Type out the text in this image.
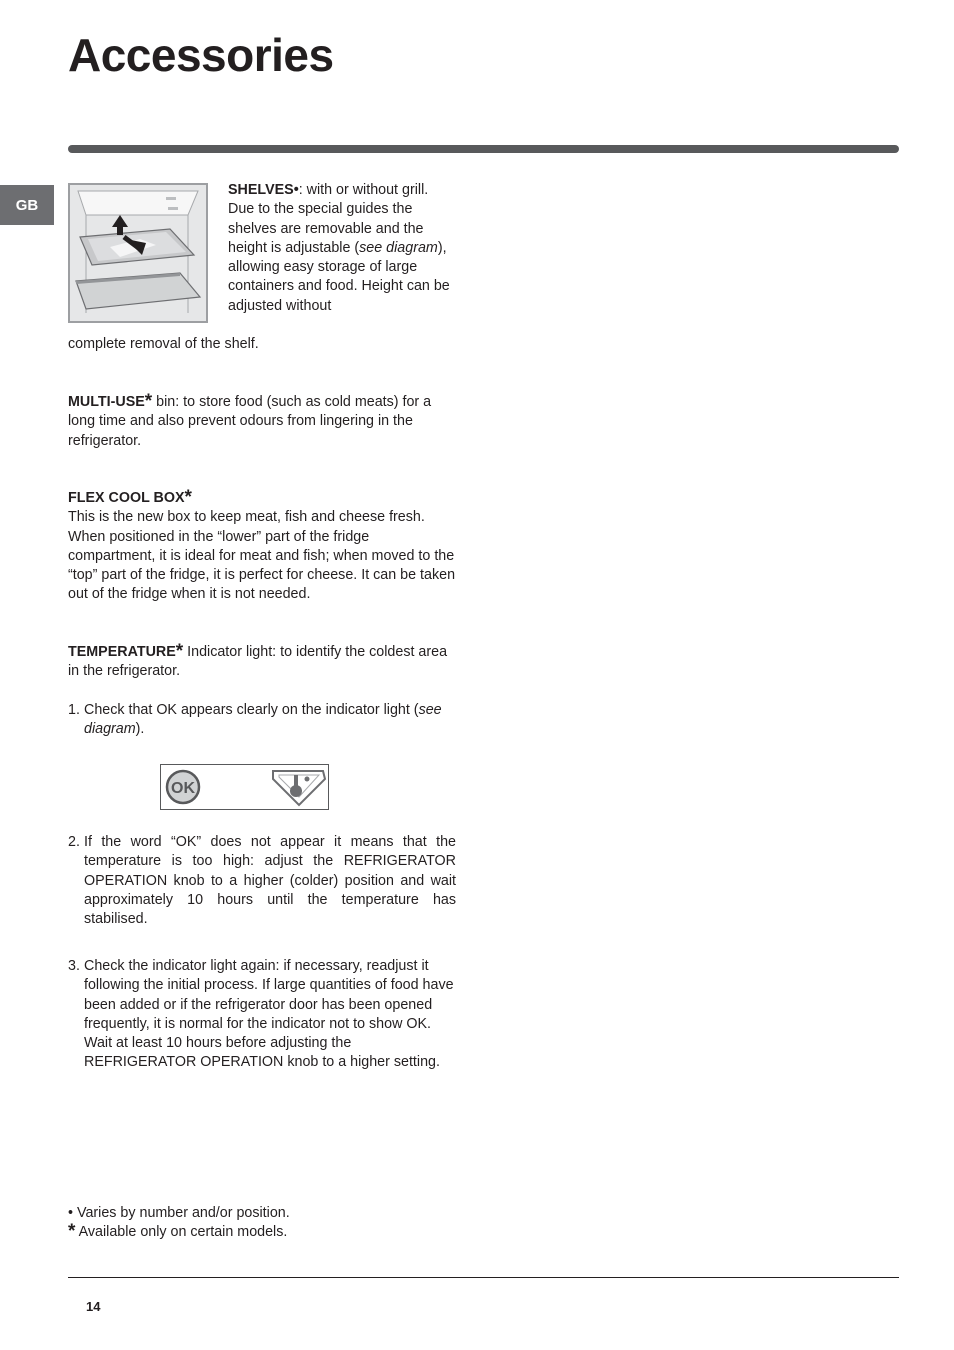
Accessories
GB

SHELVES•: with or without grill.

Due to the special guides the shelves are removable and the height is adjustable (see diagram), allowing easy storage of large containers and food. Height can be adjusted without

complete removal of the shelf.

MULTI-USE* bin: to store food (such as cold meats) for a long time and also prevent odours from lingering in the refrigerator.

FLEX COOL BOX*

This is the new box to keep meat, fish and cheese fresh. When positioned in the “lower” part of the fridge compartment, it is ideal for meat and fish; when moved to the “top” part of the fridge, it is perfect for cheese. It can be taken out of the fridge when it is not needed.

TEMPERATURE* Indicator light: to identify the coldest area in the refrigerator.

1. Check that OK appears clearly on the indicator light (see diagram).
OK
2. If the word “OK” does not appear it means that the temperature is too high: adjust the REFRIGERATOR OPERATION knob to a higher (colder) position and wait approximately 10 hours until the temperature has stabilised.
3. Check the indicator light again: if necessary, readjust it following the initial process. If large quantities of food have been added or if the refrigerator door has been opened frequently, it is normal for the indicator not to show OK. Wait at least 10 hours before adjusting the REFRIGERATOR OPERATION knob to a higher setting.
• Varies by number and/or position.
* Available only on certain models.
14
